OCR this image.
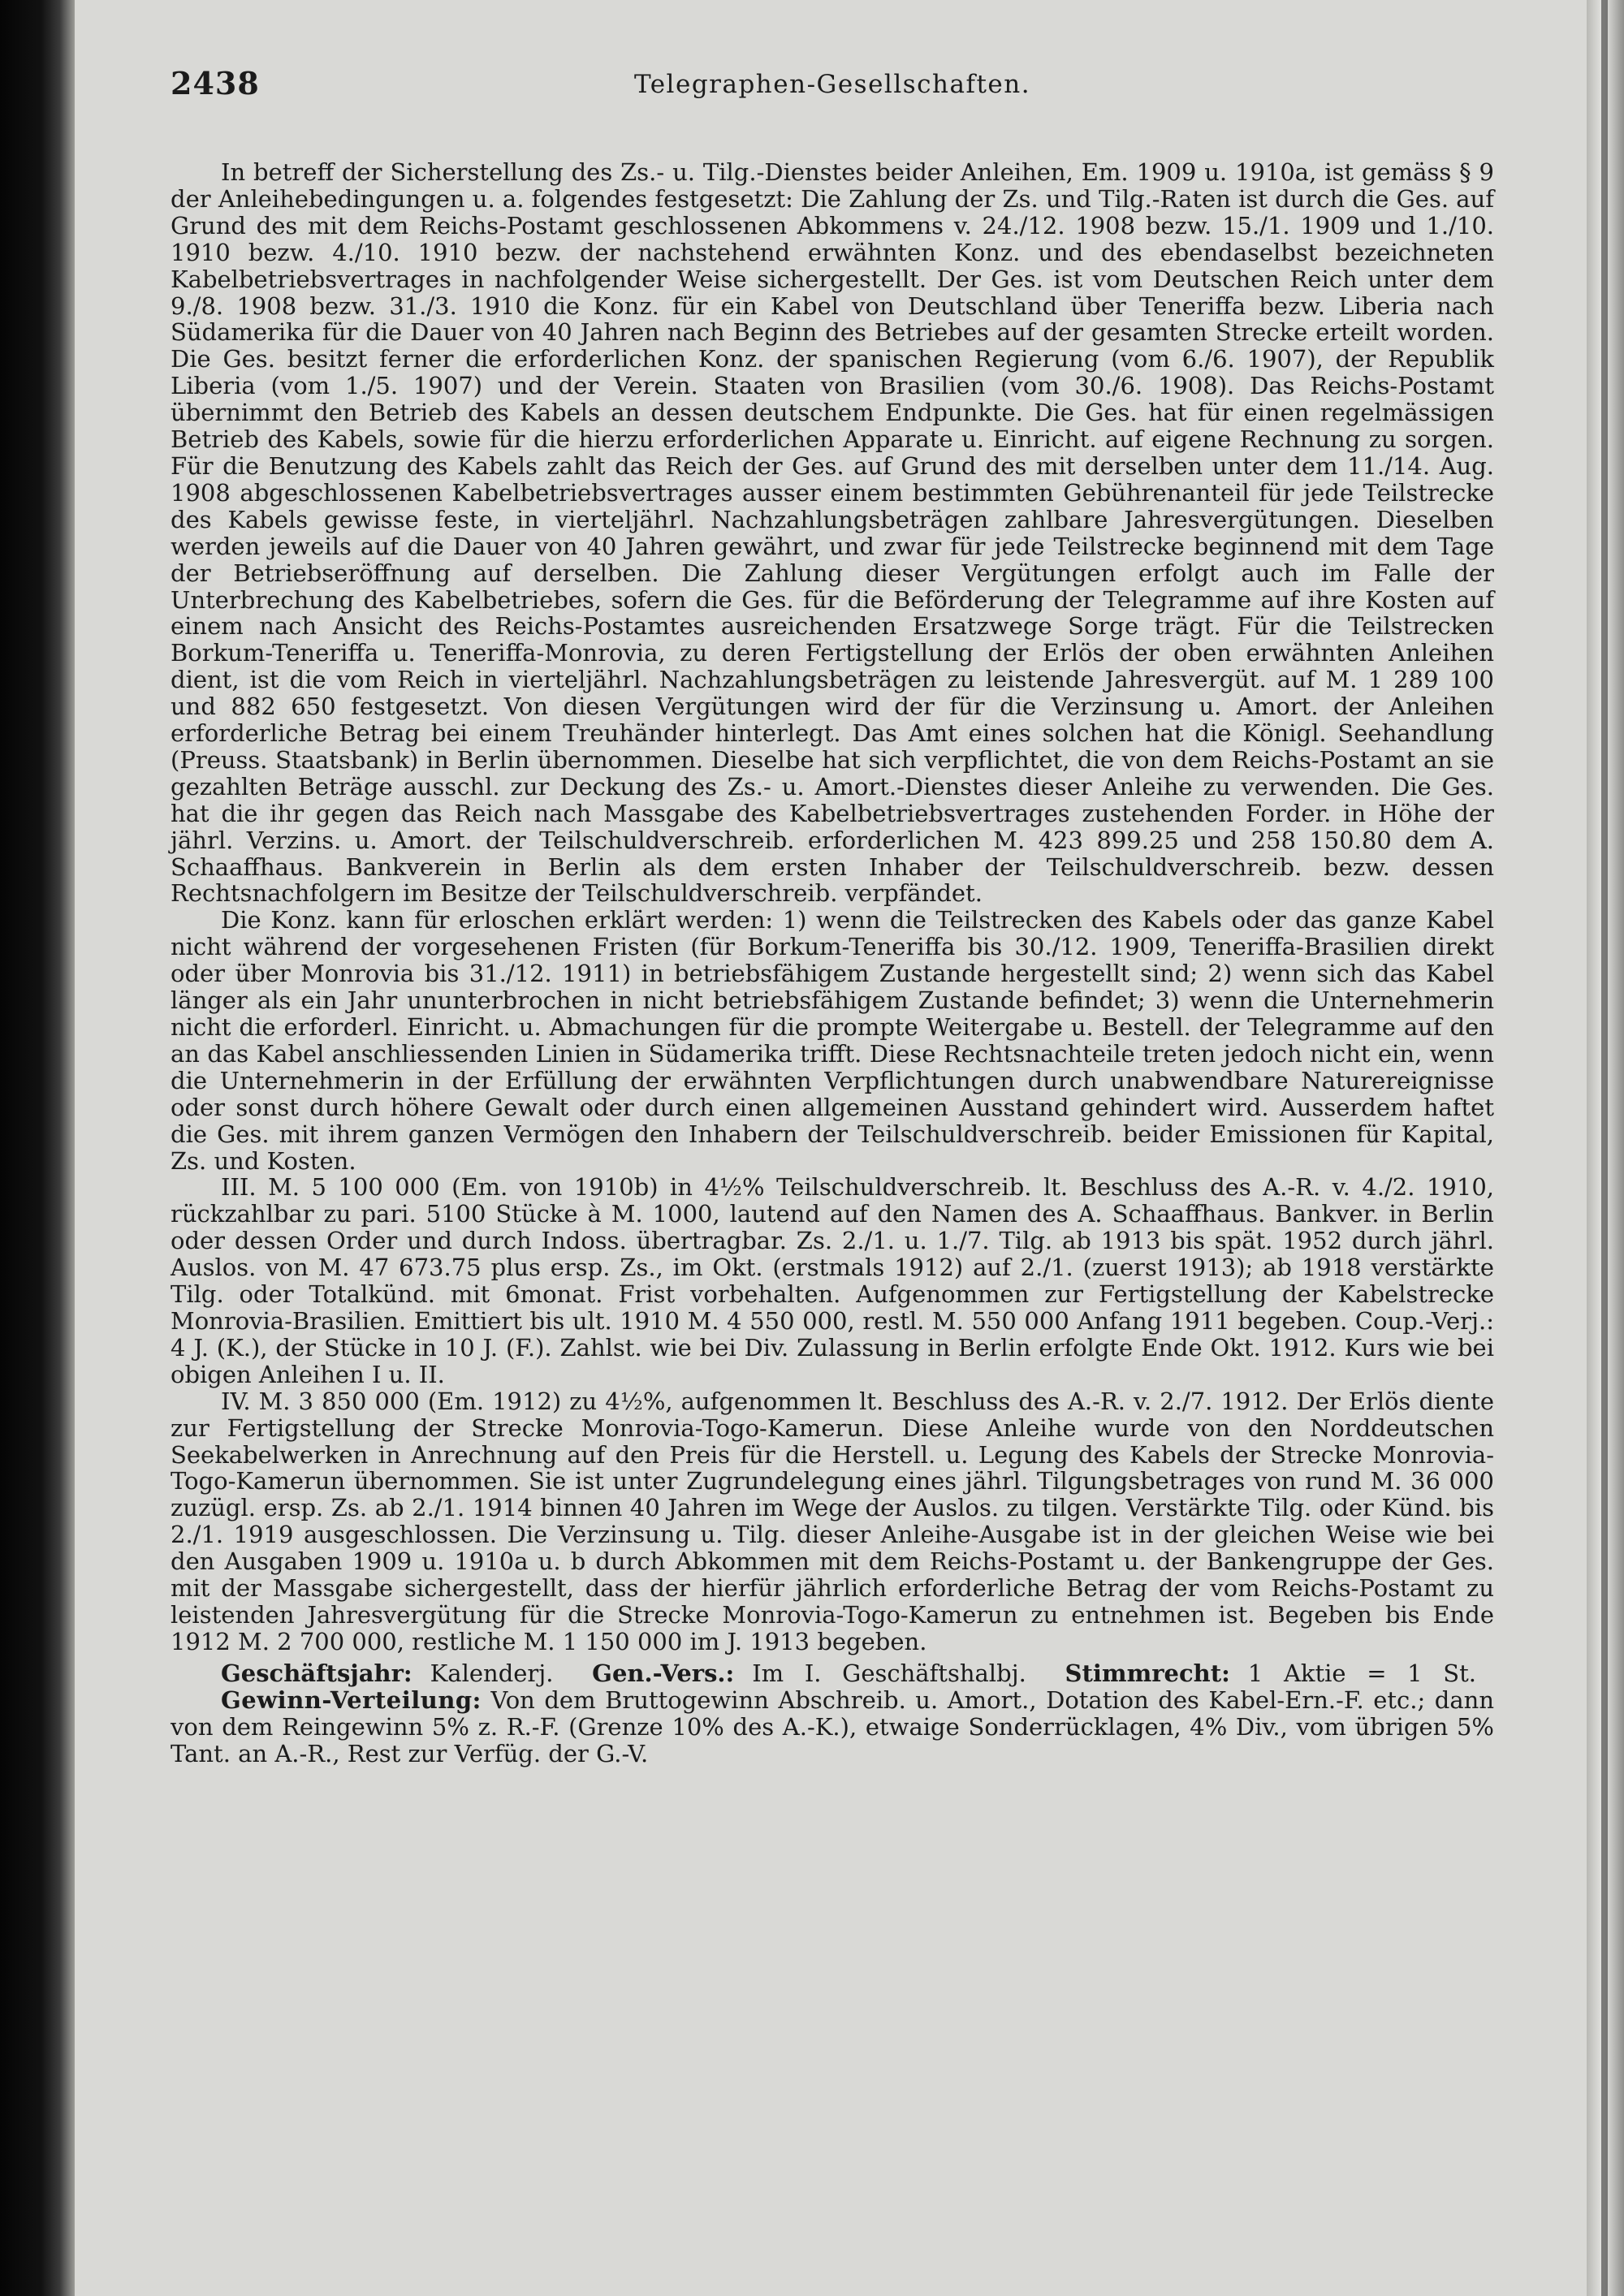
2438	Telegraphen-Gesellschaften.

In betreff der Sicherstellung des Zs.- u. Tilg.-Dienstes beider Anleihen, Em. 1909 u. 1910a, ist gemäss § 9 der Anleihebedingungen u. a. folgendes festgesetzt: Die Zahlung der Zs. und Tilg.-Raten ist durch die Ges. auf Grund des mit dem Reichs-Postamt geschlossenen Abkommens v. 24./12. 1908 bezw. 15./1. 1909 und 1./10. 1910 bezw. 4./10. 1910 bezw. der nachstehend erwähnten Konz. und des ebendaselbst bezeichneten Kabelbetriebsvertrages in nachfolgender Weise sichergestellt. Der Ges. ist vom Deutschen Reich unter dem 9./8. 1908 bezw. 31./3. 1910 die Konz. für ein Kabel von Deutschland über Teneriffa bezw. Liberia nach Südamerika für die Dauer von 40 Jahren nach Beginn des Betriebes auf der gesamten Strecke erteilt worden. Die Ges. besitzt ferner die erforderlichen Konz. der spanischen Regierung (vom 6./6. 1907), der Republik Liberia (vom 1./5. 1907) und der Verein. Staaten von Brasilien (vom 30./6. 1908). Das Reichs-Postamt übernimmt den Betrieb des Kabels an dessen deutschem Endpunkte. Die Ges. hat für einen regelmässigen Betrieb des Kabels, sowie für die hierzu erforderlichen Apparate u. Einricht. auf eigene Rechnung zu sorgen. Für die Benutzung des Kabels zahlt das Reich der Ges. auf Grund des mit derselben unter dem 11./14. Aug. 1908 abgeschlossenen Kabelbetriebsvertrages ausser einem bestimmten Gebührenanteil für jede Teilstrecke des Kabels gewisse feste, in vierteljährl. Nachzahlungsbeträgen zahlbare Jahresvergütungen. Dieselben werden jeweils auf die Dauer von 40 Jahren gewährt, und zwar für jede Teilstrecke beginnend mit dem Tage der Betriebseröffnung auf derselben. Die Zahlung dieser Vergütungen erfolgt auch im Falle der Unterbrechung des Kabelbetriebes, sofern die Ges. für die Beförderung der Telegramme auf ihre Kosten auf einem nach Ansicht des Reichs-Postamtes ausreichenden Ersatzwege Sorge trägt. Für die Teilstrecken Borkum-Teneriffa u. Teneriffa-Monrovia, zu deren Fertigstellung der Erlös der oben erwähnten Anleihen dient, ist die vom Reich in vierteljährl. Nachzahlungsbeträgen zu leistende Jahresvergüt. auf M. 1 289 100 und 882 650 festgesetzt. Von diesen Vergütungen wird der für die Verzinsung u. Amort. der Anleihen erforderliche Betrag bei einem Treuhänder hinterlegt. Das Amt eines solchen hat die Königl. Seehandlung (Preuss. Staatsbank) in Berlin übernommen. Dieselbe hat sich verpflichtet, die von dem Reichs-Postamt an sie gezahlten Beträge ausschl. zur Deckung des Zs.- u. Amort.-Dienstes dieser Anleihe zu verwenden. Die Ges. hat die ihr gegen das Reich nach Massgabe des Kabelbetriebsvertrages zustehenden Forder. in Höhe der jährl. Verzins. u. Amort. der Teilschuldverschreib. erforderlichen M. 423 899.25 und 258 150.80 dem A. Schaaffhaus. Bankverein in Berlin als dem ersten Inhaber der Teilschuldverschreib. bezw. dessen Rechtsnachfolgern im Besitze der Teilschuldverschreib. verpfändet.

Die Konz. kann für erloschen erklärt werden: 1) wenn die Teilstrecken des Kabels oder das ganze Kabel nicht während der vorgesehenen Fristen (für Borkum-Teneriffa bis 30./12. 1909, Teneriffa-Brasilien direkt oder über Monrovia bis 31./12. 1911) in betriebsfähigem Zustande hergestellt sind; 2) wenn sich das Kabel länger als ein Jahr ununterbrochen in nicht betriebsfähigem Zustande befindet; 3) wenn die Unternehmerin nicht die erforderl. Einricht. u. Abmachungen für die prompte Weitergabe u. Bestell. der Telegramme auf den an das Kabel anschliessenden Linien in Südamerika trifft. Diese Rechtsnachteile treten jedoch nicht ein, wenn die Unternehmerin in der Erfüllung der erwähnten Verpflichtungen durch unabwendbare Naturereignisse oder sonst durch höhere Gewalt oder durch einen allgemeinen Ausstand gehindert wird. Ausserdem haftet die Ges. mit ihrem ganzen Vermögen den Inhabern der Teilschuldverschreib. beider Emissionen für Kapital, Zs. und Kosten.

III. M. 5 100 000 (Em. von 1910b) in 4½% Teilschuldverschreib. lt. Beschluss des A.-R. v. 4./2. 1910, rückzahlbar zu pari. 5100 Stücke à M. 1000, lautend auf den Namen des A. Schaaffhaus. Bankver. in Berlin oder dessen Order und durch Indoss. übertragbar. Zs. 2./1. u. 1./7. Tilg. ab 1913 bis spät. 1952 durch jährl. Auslos. von M. 47 673.75 plus ersp. Zs., im Okt. (erstmals 1912) auf 2./1. (zuerst 1913); ab 1918 verstärkte Tilg. oder Totalkünd. mit 6monat. Frist vorbehalten. Aufgenommen zur Fertigstellung der Kabelstrecke Monrovia-Brasilien. Emittiert bis ult. 1910 M. 4 550 000, restl. M. 550 000 Anfang 1911 begeben. Coup.-Verj.: 4 J. (K.), der Stücke in 10 J. (F.). Zahlst. wie bei Div. Zulassung in Berlin erfolgte Ende Okt. 1912. Kurs wie bei obigen Anleihen I u. II.

IV. M. 3 850 000 (Em. 1912) zu 4½%, aufgenommen lt. Beschluss des A.-R. v. 2./7. 1912. Der Erlös diente zur Fertigstellung der Strecke Monrovia-Togo-Kamerun. Diese Anleihe wurde von den Norddeutschen Seekabelwerken in Anrechnung auf den Preis für die Herstell. u. Legung des Kabels der Strecke Monrovia-Togo-Kamerun übernommen. Sie ist unter Zugrundelegung eines jährl. Tilgungsbetrages von rund M. 36 000 zuzügl. ersp. Zs. ab 2./1. 1914 binnen 40 Jahren im Wege der Auslos. zu tilgen. Verstärkte Tilg. oder Künd. bis 2./1. 1919 ausgeschlossen. Die Verzinsung u. Tilg. dieser Anleihe-Ausgabe ist in der gleichen Weise wie bei den Ausgaben 1909 u. 1910a u. b durch Abkommen mit dem Reichs-Postamt u. der Bankengruppe der Ges. mit der Massgabe sichergestellt, dass der hierfür jährlich erforderliche Betrag der vom Reichs-Postamt zu leistenden Jahresvergütung für die Strecke Monrovia-Togo-Kamerun zu entnehmen ist. Begeben bis Ende 1912 M. 2 700 000, restliche M. 1 150 000 im J. 1913 begeben.

Geschäftsjahr: Kalenderj. Gen.-Vers.: Im I. Geschäftshalbj. Stimmrecht: 1 Aktie = 1 St.

Gewinn-Verteilung: Von dem Bruttogewinn Abschreib. u. Amort., Dotation des Kabel-Ern.-F. etc.; dann von dem Reingewinn 5% z. R.-F. (Grenze 10% des A.-K.), etwaige Sonderrücklagen, 4% Div., vom übrigen 5% Tant. an A.-R., Rest zur Verfüg. der G.-V.
